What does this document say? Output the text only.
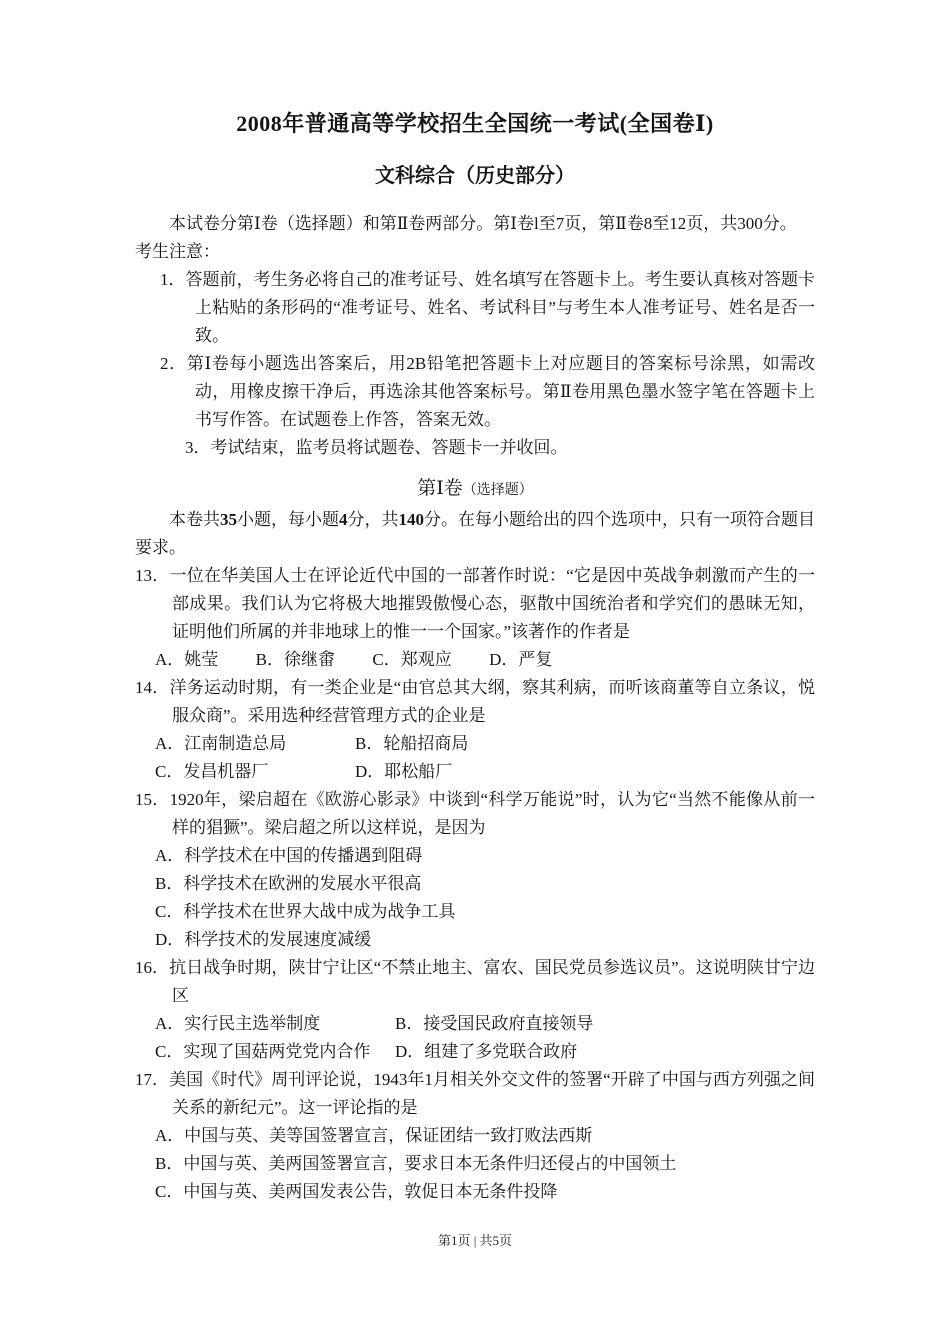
2008年普通高等学校招生全国统一考试(全国卷Ⅰ)
文科综合（历史部分）

本试卷分第Ⅰ卷（选择题）和第Ⅱ卷两部分。第Ⅰ卷l至7页，第Ⅱ卷8至12页，共300分。

考生注意：

1．答题前，考生务必将自己的准考证号、姓名填写在答题卡上。考生要认真核对答题卡上粘贴的条形码的“准考证号、姓名、考试科目”与考生本人准考证号、姓名是否一致。

2．第Ⅰ卷每小题选出答案后，用2B铅笔把答题卡上对应题目的答案标号涂黑，如需改动，用橡皮擦干净后，再选涂其他答案标号。第Ⅱ卷用黑色墨水签字笔在答题卡上书写作答。在试题卷上作答，答案无效。

3．考试结束，监考员将试题卷、答题卡一并收回。

第Ⅰ卷（选择题）

本卷共35小题，每小题4分，共140分。在每小题给出的四个选项中，只有一项符合题目要求。

13．一位在华美国人士在评论近代中国的一部著作时说：“它是因中英战争刺激而产生的一部成果。我们认为它将极大地摧毁傲慢心态，驱散中国统治者和学究们的愚昧无知，证明他们所属的并非地球上的惟一一个国家。”该著作的作者是

A．姚莹 B．徐继畬 C．郑观应 D．严复

14．洋务运动时期，有一类企业是“由官总其大纲，察其利病，而听该商董等自立条议，悦服众商”。采用选种经营管理方式的企业是

A．江南制造总局	B．轮船招商局
C．发昌机器厂	D．耶松船厂

15．1920年，梁启超在《欧游心影录》中谈到“科学万能说”时，认为它“当然不能像从前一样的猖獗”。梁启超之所以这样说，是因为

A．科学技术在中国的传播遇到阻碍
B．科学技术在欧洲的发展水平很高
C．科学技术在世界大战中成为战争工具
D．科学技术的发展速度减缓

16．抗日战争时期，陕甘宁让区“不禁止地主、富农、国民党员参选议员”。这说明陕甘宁边区

A．实行民主选举制度	B．接受国民政府直接领导
C．实现了国菇两党党内合作	D．组建了多党联合政府

17．美国《时代》周刊评论说，1943年1月相关外交文件的签署“开辟了中国与西方列强之间关系的新纪元”。这一评论指的是

A．中国与英、美等国签署宣言，保证团结一致打败法西斯
B．中国与英、美两国签署宣言，要求日本无条件归还侵占的中国领土
C．中国与英、美两国发表公告，敦促日本无条件投降

第1页 | 共5页
